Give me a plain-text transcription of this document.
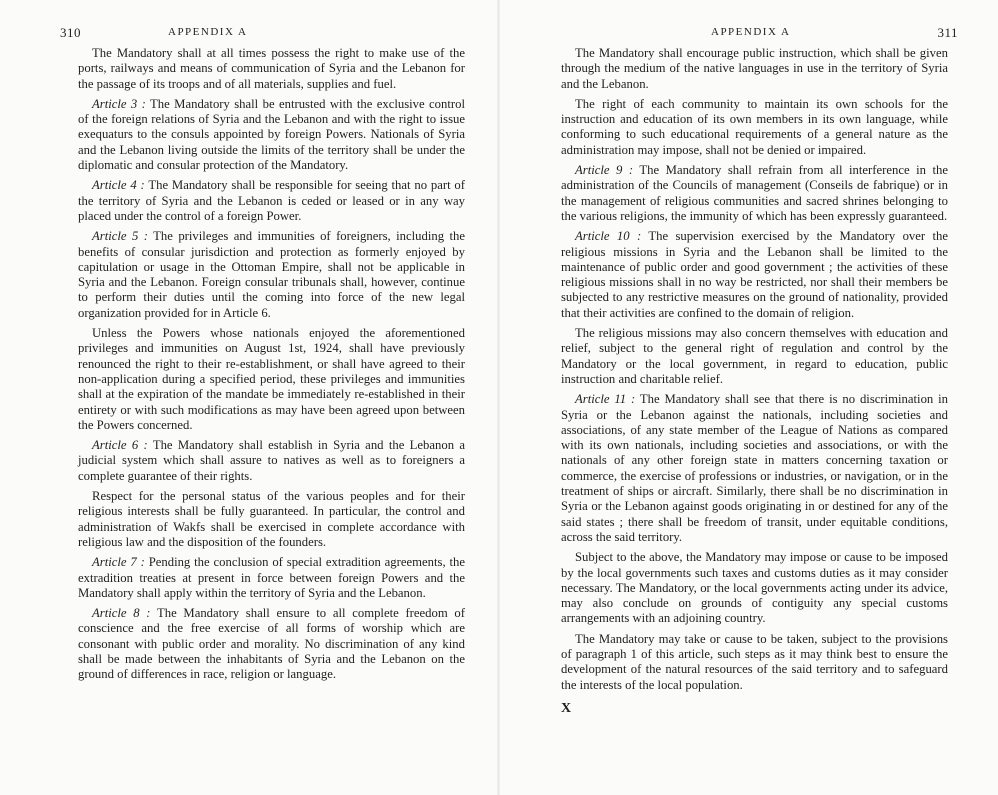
310	APPENDIX A

The Mandatory shall at all times possess the right to make use of the ports, railways and means of communication of Syria and the Lebanon for the passage of its troops and of all materials, supplies and fuel.

Article 3 : The Mandatory shall be entrusted with the exclusive control of the foreign relations of Syria and the Lebanon and with the right to issue exequaturs to the consuls appointed by foreign Powers. Nationals of Syria and the Lebanon living outside the limits of the territory shall be under the diplomatic and consular protection of the Mandatory.

Article 4 : The Mandatory shall be responsible for seeing that no part of the territory of Syria and the Lebanon is ceded or leased or in any way placed under the control of a foreign Power.

Article 5 : The privileges and immunities of foreigners, including the benefits of consular jurisdiction and protection as formerly enjoyed by capitulation or usage in the Ottoman Empire, shall not be applicable in Syria and the Lebanon. Foreign consular tribunals shall, however, continue to perform their duties until the coming into force of the new legal organization provided for in Article 6.

Unless the Powers whose nationals enjoyed the aforementioned privileges and immunities on August 1st, 1924, shall have previously renounced the right to their re-establishment, or shall have agreed to their non-application during a specified period, these privileges and immunities shall at the expiration of the mandate be immediately re-established in their entirety or with such modifications as may have been agreed upon between the Powers concerned.

Article 6 : The Mandatory shall establish in Syria and the Lebanon a judicial system which shall assure to natives as well as to foreigners a complete guarantee of their rights.

Respect for the personal status of the various peoples and for their religious interests shall be fully guaranteed. In particular, the control and administration of Wakfs shall be exercised in complete accordance with religious law and the disposition of the founders.

Article 7 : Pending the conclusion of special extradition agreements, the extradition treaties at present in force between foreign Powers and the Mandatory shall apply within the territory of Syria and the Lebanon.

Article 8 : The Mandatory shall ensure to all complete freedom of conscience and the free exercise of all forms of worship which are consonant with public order and morality. No discrimination of any kind shall be made between the inhabitants of Syria and the Lebanon on the ground of differences in race, religion or language.

APPENDIX A	311

The Mandatory shall encourage public instruction, which shall be given through the medium of the native languages in use in the territory of Syria and the Lebanon.

The right of each community to maintain its own schools for the instruction and education of its own members in its own language, while conforming to such educational requirements of a general nature as the administration may impose, shall not be denied or impaired.

Article 9 : The Mandatory shall refrain from all interference in the administration of the Councils of management (Conseils de fabrique) or in the management of religious communities and sacred shrines belonging to the various religions, the immunity of which has been expressly guaranteed.

Article 10 : The supervision exercised by the Mandatory over the religious missions in Syria and the Lebanon shall be limited to the maintenance of public order and good government ; the activities of these religious missions shall in no way be restricted, nor shall their members be subjected to any restrictive measures on the ground of nationality, provided that their activities are confined to the domain of religion.

The religious missions may also concern themselves with education and relief, subject to the general right of regulation and control by the Mandatory or the local government, in regard to education, public instruction and charitable relief.

Article 11 : The Mandatory shall see that there is no discrimination in Syria or the Lebanon against the nationals, including societies and associations, of any state member of the League of Nations as compared with its own nationals, including societies and associations, or with the nationals of any other foreign state in matters concerning taxation or commerce, the exercise of professions or industries, or navigation, or in the treatment of ships or aircraft. Similarly, there shall be no discrimination in Syria or the Lebanon against goods originating in or destined for any of the said states ; there shall be freedom of transit, under equitable conditions, across the said territory.

Subject to the above, the Mandatory may impose or cause to be imposed by the local governments such taxes and customs duties as it may consider necessary. The Mandatory, or the local governments acting under its advice, may also conclude on grounds of contiguity any special customs arrangements with an adjoining country.

The Mandatory may take or cause to be taken, subject to the provisions of paragraph 1 of this article, such steps as it may think best to ensure the development of the natural resources of the said territory and to safeguard the interests of the local population.

X
